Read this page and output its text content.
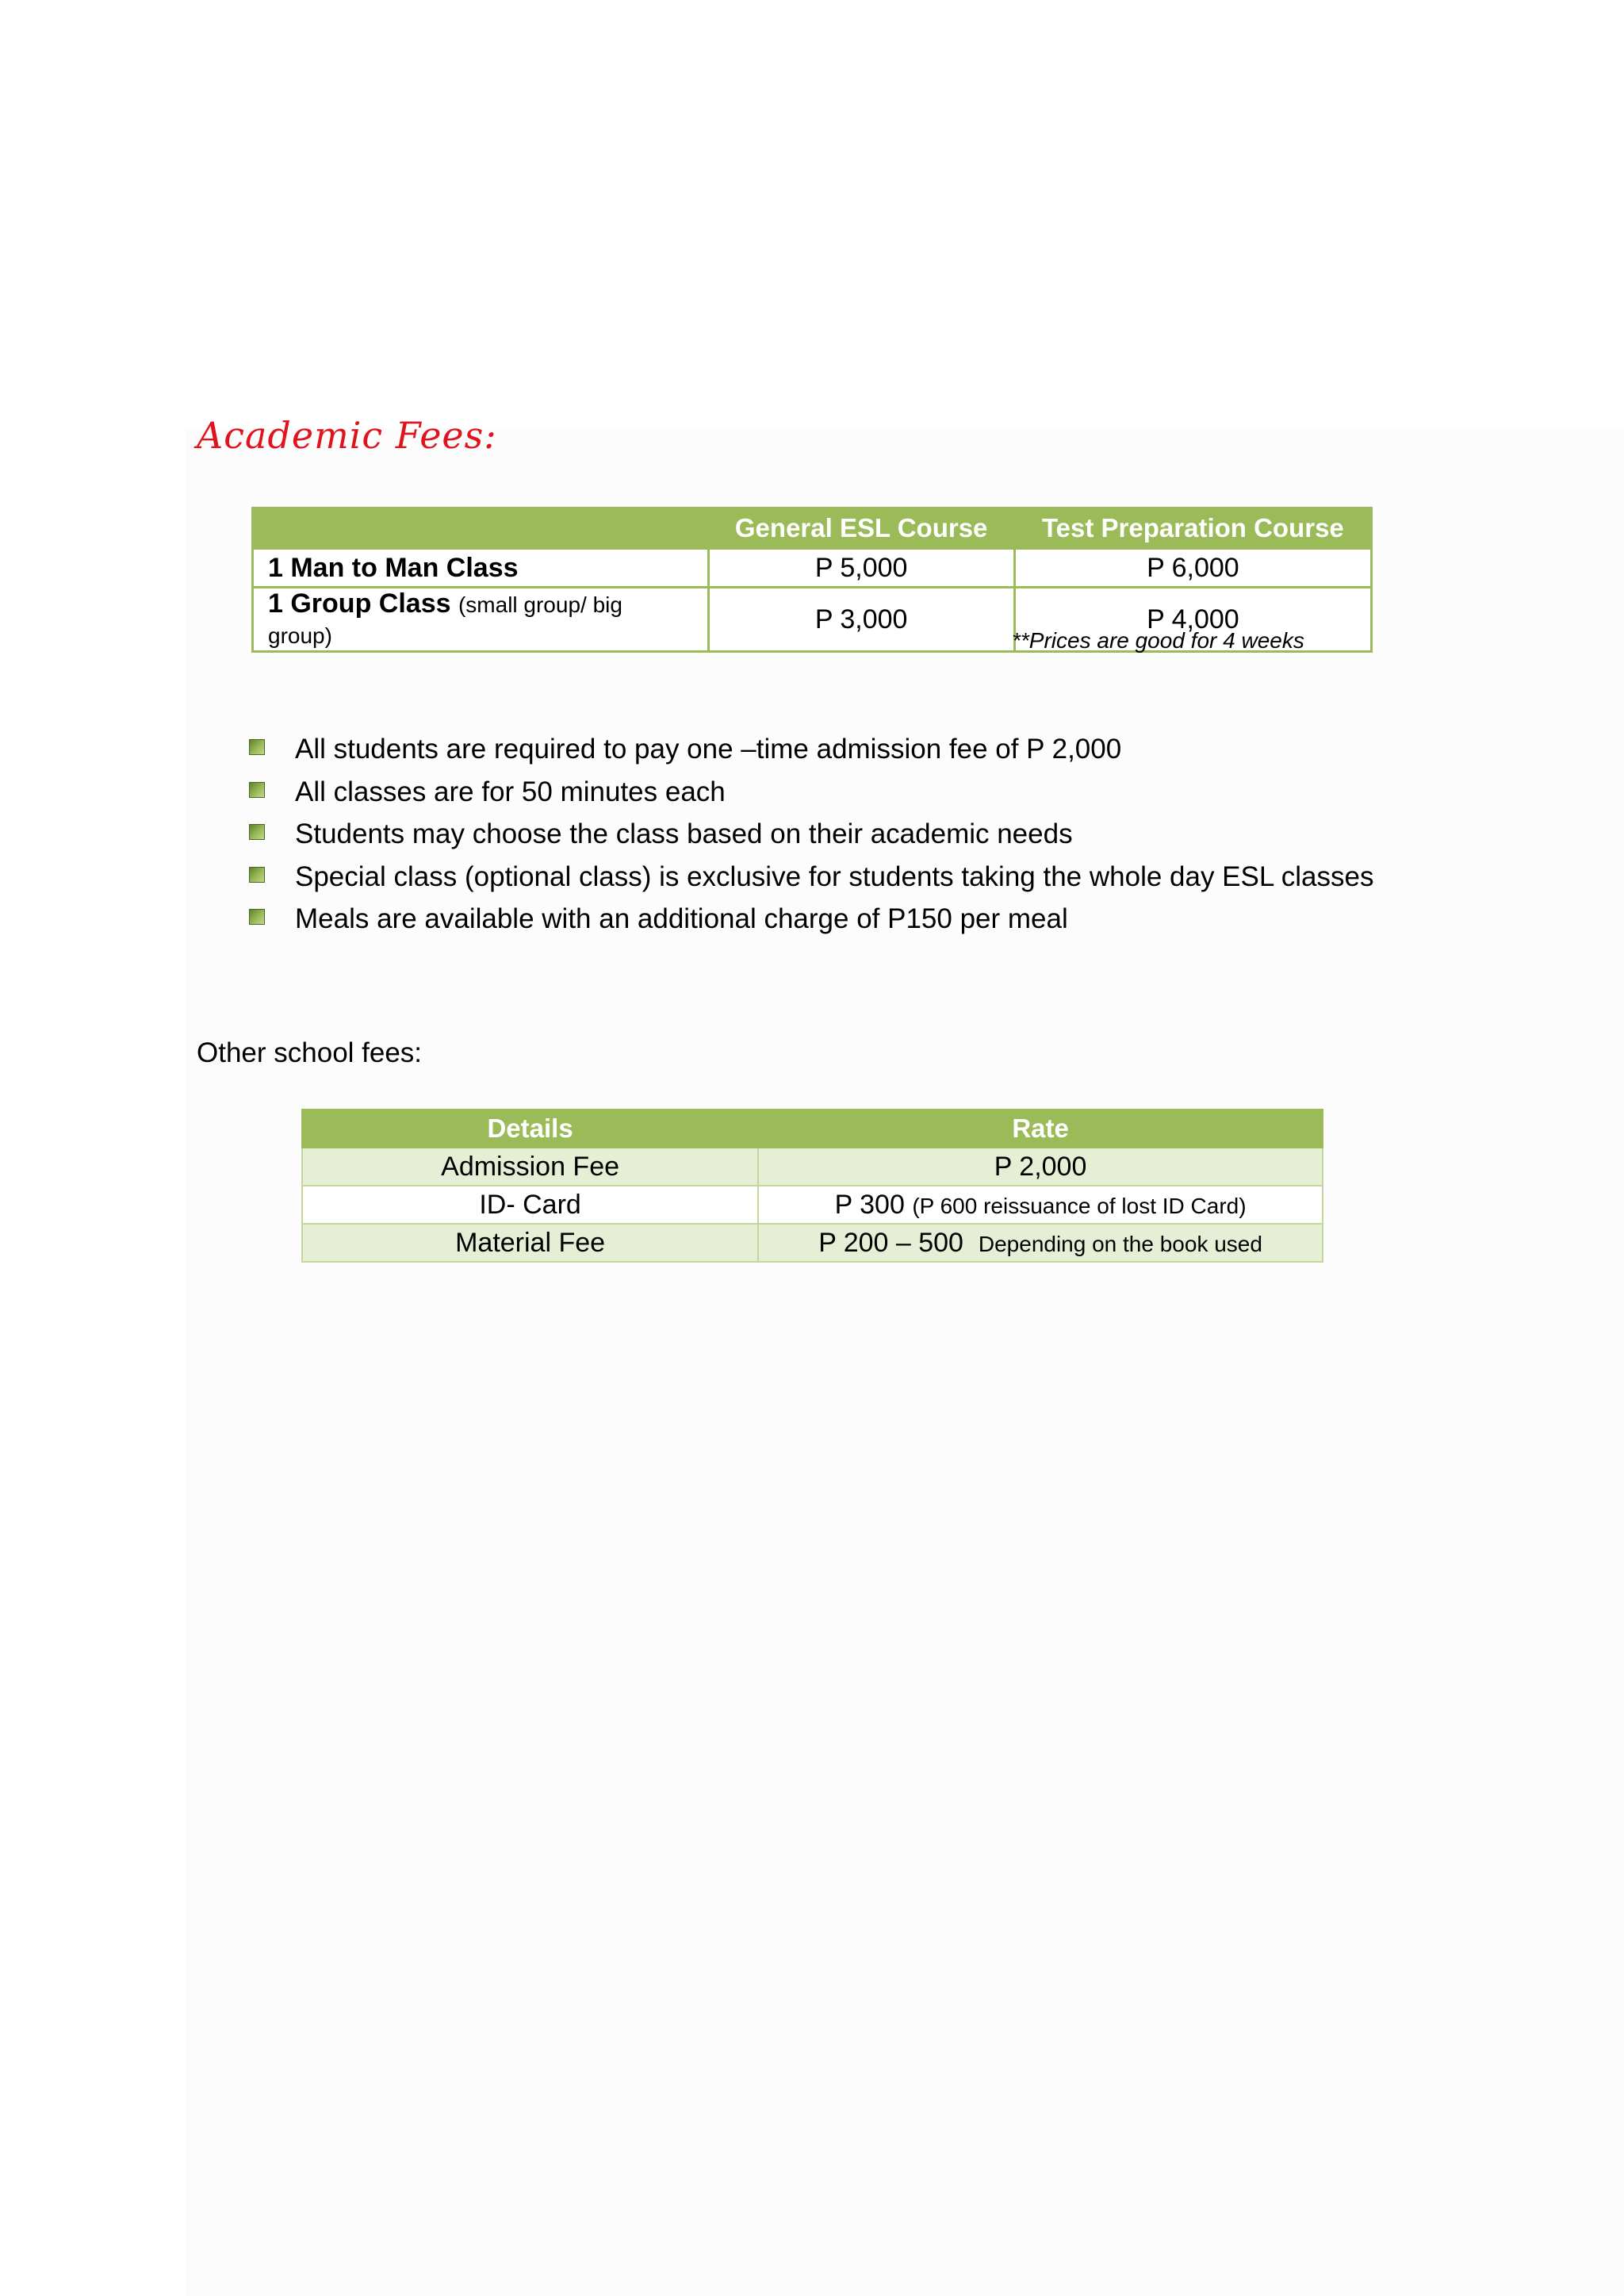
Academic Fees:
	General ESL Course	Test Preparation Course
1 Man to Man Class	P 5,000	P 6,000
1 Group Class (small group/ big group)	P 3,000	P 4,000

**Prices are good for 4 weeks

All students are required to pay one –time admission fee of P 2,000
All classes are for 50 minutes each
Students may choose the class based on their academic needs
Special class (optional class) is exclusive for students taking the whole day ESL classes
Meals are available with an additional charge of P150 per meal
Other school fees:
Details	Rate
Admission Fee	P 2,000
ID- Card	P 300 (P 600 reissuance of lost ID Card)
Material Fee	P 200 – 500 Depending on the book used
